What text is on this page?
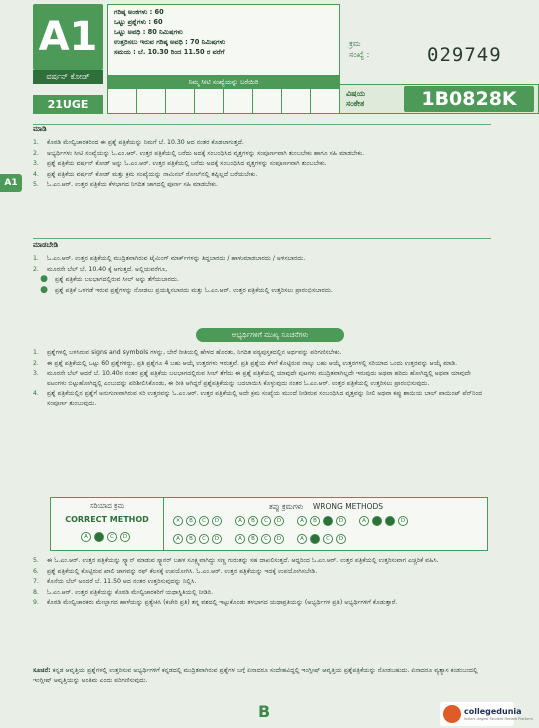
A1
ವರ್ಷನ್ ಕೋಡ್
21UGE
ಗರಿಷ್ಠ ಅಂಕಗಳು : 60
ಒಟ್ಟು ಪ್ರಶ್ನೆಗಳು : 60
ಒಟ್ಟು ಅವಧಿ : 80 ನಿಮಿಷಗಳು
ಉತ್ತರಿಸಲು ಇರುವ ಗರಿಷ್ಠ ಅವಧಿ : 70 ನಿಮಿಷಗಳು
ಸಮಯ : ಬೆ. 10.30 ರಿಂದ 11.50 ರ ವರೆಗೆ
ನಿಮ್ಮ ಸೀಟಿ ಸಂಖ್ಯೆಯನ್ನು ಬರೆಯಿರಿ
ಕ್ರಮ
ಸಂಖ್ಯೆ :	029749
ವಿಷಯ
ಸಂಕೇತ	1B0828K
A1
ಮಾಡಿ
1.	ಕೊಠಡಿ ಮೇಲ್ವಿಚಾರಕರಿಂದ ಈ ಪ್ರಶ್ನೆ ಪತ್ರಿಕೆಯನ್ನು ನಿಮಗೆ ಬೆ. 10.30 ಆದ ನಂತರ ಕೊಡಲಾಗುತ್ತದೆ.
2.	ಅಭ್ಯರ್ಥಿಗಳು ಸೀಟಿ ಸಂಖ್ಯೆಯನ್ನು ಓ.ಎಂ.ಆರ್. ಉತ್ತರ ಪತ್ರಿಕೆಯಲ್ಲಿ ಬರೆದು ಅದಕ್ಕೆ ಸಂಬಂಧಿಸಿದ ವೃತ್ತಗಳನ್ನು ಸಂಪೂರ್ಣವಾಗಿ ತುಂಬಬೇಕು ಹಾಗೂ ಸಹಿ ಮಾಡಬೇಕು.
3.	ಪ್ರಶ್ನೆ ಪತ್ರಿಕೆಯ ವರ್ಷನ್ ಕೋಡ್ ಅನ್ನು ಓ.ಎಂ.ಆರ್. ಉತ್ತರ ಪತ್ರಿಕೆಯಲ್ಲಿ ಬರೆದು ಅದಕ್ಕೆ ಸಂಬಂಧಿಸಿದ ವೃತ್ತಗಳನ್ನು ಸಂಪೂರ್ಣವಾಗಿ ತುಂಬಬೇಕು.
4.	ಪ್ರಶ್ನೆ ಪತ್ರಿಕೆಯ ವರ್ಷನ್ ಕೋಡ್ ಮತ್ತು ಕ್ರಮ ಸಂಖ್ಯೆಯನ್ನು ನಾಮಿನಲ್ ರೋಲ್‌ನಲ್ಲಿ ತಪ್ಪಿಲ್ಲದೆ ಬರೆಯಬೇಕು.
5.	ಓ.ಎಂ.ಆರ್. ಉತ್ತರ ಪತ್ರಿಕೆಯ ಕೆಳಭಾಗದ ನಿಗದಿತ ಜಾಗದಲ್ಲಿ ಪೂರ್ಣ ಸಹಿ ಮಾಡಬೇಕು.
ಮಾಡಬೇಡಿ
1.	ಓ.ಎಂ.ಆರ್. ಉತ್ತರ ಪತ್ರಿಕೆಯಲ್ಲಿ ಮುದ್ರಿತವಾಗಿರುವ ಟೈಮಿಂಗ್ ಮಾರ್ಕ್‌ಗಳನ್ನು ತಿದ್ದಬಾರದು / ಹಾಳುಮಾಡಬಾರದು / ಅಳಿಸಬಾರದು.
2.	ಮೂರನೇ ಬೆಲ್ ಬೆ. 10.40 ಕ್ಕೆ ಆಗುತ್ತದೆ. ಅಲ್ಲಿಯವರೆಗೂ,
●	ಪ್ರಶ್ನೆ ಪತ್ರಿಕೆಯ ಬಲಭಾಗದಲ್ಲಿರುವ ಸೀಲ್ ಅನ್ನು ತೆಗೆಯಬಾರದು.
●	ಪ್ರಶ್ನೆ ಪತ್ರಿಕೆ ಒಳಗಡೆ ಇರುವ ಪ್ರಶ್ನೆಗಳನ್ನು ನೋಡಲು ಪ್ರಯತ್ನಿಸಬಾರದು ಮತ್ತು ಓ.ಎಂ.ಆರ್. ಉತ್ತರ ಪತ್ರಿಕೆಯಲ್ಲಿ ಉತ್ತರಿಸಲು ಪ್ರಾರಂಭಿಸಬಾರದು.
ಅಭ್ಯರ್ಥಿಗಳಿಗೆ ಮುಖ್ಯ ಸೂಚನೆಗಳು
1.	ಪ್ರಶ್ನೆಗಳಲ್ಲಿ ಬಳಸಿರುವ signs and symbols ಗಳನ್ನು, ಬೇರೆ ರೀತಿಯಲ್ಲಿ ಹೇಳದ ಹೊರತು, ನಿಗದಿತ ಪಠ್ಯಪುಸ್ತಕದಲ್ಲಿನ ಅರ್ಥವನ್ನು ಪರಿಗಣಿಸಬೇಕು.
2.	ಈ ಪ್ರಶ್ನೆ ಪತ್ರಿಕೆಯಲ್ಲಿ ಒಟ್ಟು 60 ಪ್ರಶ್ನೆಗಳಿದ್ದು, ಪ್ರತಿ ಪ್ರಶ್ನೆಗೂ 4 ಬಹು ಆಯ್ಕೆ ಉತ್ತರಗಳು ಇರುತ್ತವೆ. ಪ್ರತಿ ಪ್ರಶ್ನೆಯ ಕೆಳಗೆ ಕೊಟ್ಟಿರುವ ನಾಲ್ಕು ಬಹು ಆಯ್ಕೆ ಉತ್ತರಗಳಲ್ಲಿ ಸರಿಯಾದ ಒಂದು ಉತ್ತರವನ್ನು ಆಯ್ಕೆ ಮಾಡಿ.
3.	ಮೂರನೇ ಬೆಲ್ ಆದರೆ ಬೆ. 10.40ರ ನಂತರ ಪ್ರಶ್ನೆ ಪತ್ರಿಕೆಯ ಬಲಭಾಗದಲ್ಲಿರುವ ಸೀಲ್ ತೆಗೆದು ಈ ಪ್ರಶ್ನೆ ಪತ್ರಿಕೆಯಲ್ಲಿ ಯಾವುದೇ ಪುಟಗಳು ಮುದ್ರಿತವಾಗಿಲ್ಲದೇ ಇರುವುದು ಅಥವಾ ಹರಿದು ಹೋಗಿದ್ದಲ್ಲಿ ಅಥವಾ ಯಾವುದೇ ಐಟಂಗಳು ಬಿಟ್ಟುಹೋಗಿದ್ದಲ್ಲಿ ಎಂಬುದನ್ನು ಪರಿಶೀಲಿಸಿಕೊಂಡು, ಈ ರೀತಿ ಆಗಿದ್ದರೆ ಪ್ರಶ್ನೆಪತ್ರಿಕೆಯನ್ನು ಬದಲಾಯಿಸಿ ಕೊಳ್ಳುವುದು ನಂತರ ಓ.ಎಂ.ಆರ್. ಉತ್ತರ ಪತ್ರಿಕೆಯಲ್ಲಿ ಉತ್ತರಿಸಲು ಪ್ರಾರಂಭಿಸುವುದು.
4.	ಪ್ರಶ್ನೆ ಪತ್ರಿಕೆಯಲ್ಲಿನ ಪ್ರಶ್ನೆಗೆ ಅನುಗುಣವಾಗಿರುವ ಸರಿ ಉತ್ತರವನ್ನು ಓ.ಎಂ.ಆರ್. ಉತ್ತರ ಪತ್ರಿಕೆಯಲ್ಲಿ ಅದೇ ಕ್ರಮ ಸಂಖ್ಯೆಯ ಮುಂದೆ ನೀಡಿರುವ ಸಂಬಂಧಿಸಿದ ವೃತ್ತವನ್ನು ನೀಲಿ ಅಥವಾ ಕಪ್ಪು ಶಾಯಿಯ ಬಾಲ್ ಪಾಯಿಂಟ್ ಪೆನ್‌ನಿಂದ ಸಂಪೂರ್ಣ ತುಂಬುವುದು.
ಸರಿಯಾದ ಕ್ರಮ
CORRECT METHOD
A	C	D
ತಪ್ಪು ಕ್ರಮಗಳು WRONG METHODS
✕	B	C	D	A	B	C	D	A	B	D	A	D
A	B	C	D	A	B	C	D	A	C	D
5.	ಈ ಓ.ಎಂ.ಆರ್. ಉತ್ತರ ಪತ್ರಿಕೆಯನ್ನು ಸ್ಕ್ಯಾನ್ ಮಾಡುವ ಸ್ಕ್ಯಾನರ್ ಬಹಳ ಸೂಕ್ಷ್ಮವಾಗಿದ್ದು ಸಣ್ಣ ಗುರುತನ್ನು ಸಹ ದಾಖಲಿಸುತ್ತದೆ. ಆದ್ದರಿಂದ ಓ.ಎಂ.ಆರ್. ಉತ್ತರ ಪತ್ರಿಕೆಯಲ್ಲಿ ಉತ್ತರಿಸುವಾಗ ಎಚ್ಚರಿಕೆ ವಹಿಸಿ.
6.	ಪ್ರಶ್ನೆ ಪತ್ರಿಕೆಯಲ್ಲಿ ಕೊಟ್ಟಿರುವ ಖಾಲಿ ಜಾಗವನ್ನು ರಫ್ ಕೆಲಸಕ್ಕೆ ಉಪಯೋಗಿಸಿ. ಓ.ಎಂ.ಆರ್. ಉತ್ತರ ಪತ್ರಿಕೆಯನ್ನು ಇದಕ್ಕೆ ಉಪಯೋಗಿಸಬೇಡಿ.
7.	ಕೊನೆಯ ಬೆಲ್ ಅಂದರೆ ಬೆ. 11.50 ಆದ ನಂತರ ಉತ್ತರಿಸುವುದನ್ನು ನಿಲ್ಲಿಸಿ.
8.	ಓ.ಎಂ.ಆರ್. ಉತ್ತರ ಪತ್ರಿಕೆಯನ್ನು ಕೊಠಡಿ ಮೇಲ್ವಿಚಾರಕರಿಗೆ ಯಥಾಸ್ಥಿತಿಯಲ್ಲಿ ನೀಡಿರಿ.
9.	ಕೊಠಡಿ ಮೇಲ್ವಿಚಾರಕರು ಮೇಲ್ಭಾಗದ ಹಾಳೆಯನ್ನು ಪ್ರತ್ಯೇಕಿಸಿ (ಕಚೇರಿ ಪ್ರತಿ) ತನ್ನ ವಶದಲ್ಲಿ ಇಟ್ಟುಕೊಂಡು ತಳಭಾಗದ ಯಥಾಪ್ರತಿಯನ್ನು (ಅಭ್ಯರ್ಥಿಗಳ ಪ್ರತಿ) ಅಭ್ಯರ್ಥಿಗಳಿಗೆ ಕೊಡುತ್ತಾರೆ.
ಸೂಚನೆ: ಕನ್ನಡ ಆವೃತ್ತಿಯ ಪ್ರಶ್ನೆಗಳಲ್ಲಿ ಉತ್ತರಿಸುವ ಅಭ್ಯರ್ಥಿಗಳಿಗೆ ಕನ್ನಡದಲ್ಲಿ ಮುದ್ರಿತವಾಗಿರುವ ಪ್ರಶ್ನೆಗಳ ಬಗ್ಗೆ ಏನಾದರೂ ಸಂದೇಹವಿದ್ದಲ್ಲಿ ಇಂಗ್ಲೀಷ್ ಆವೃತ್ತಿಯ ಪ್ರಶ್ನೆಪತ್ರಿಕೆಯನ್ನು ನೋಡಬಹುದು. ಏನಾದರೂ ವ್ಯತ್ಯಾಸ ಕಂಡುಬಂದಲ್ಲಿ ಇಂಗ್ಲೀಷ್ ಆವೃತ್ತಿಯನ್ನು ಅಂತಿಮ ಎಂದು ಪರಿಗಣಿಸುವುದು.
B	collegedunia
India's largest Student Review Platform
